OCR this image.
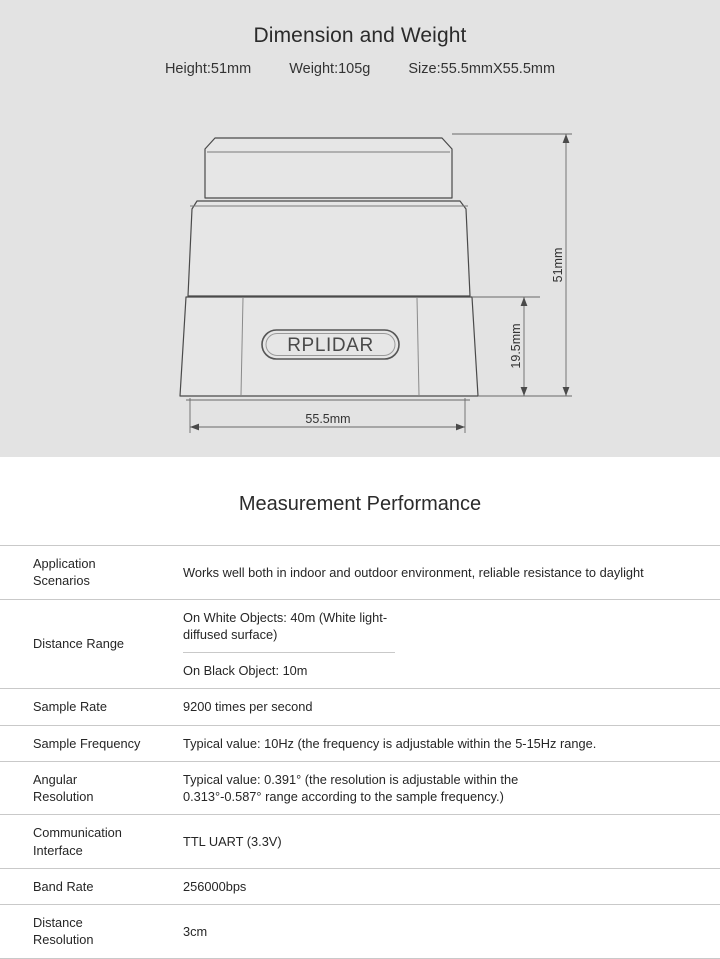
Dimension and Weight
Height:51mm	Weight:105g	Size:55.5mmX55.5mm
RPLIDAR
51mm
19.5mm
55.5mm
Measurement Performance
Application
Scenarios	Works well both in indoor and outdoor environment, reliable resistance to daylight

Distance Range	On White Objects: 40m (White light-diffused surface)
On Black Object: 10m

Sample Rate	9200 times per second

Sample Frequency	Typical value: 10Hz (the frequency is adjustable within the 5-15Hz range.

Angular
Resolution	Typical value: 0.391° (the resolution is adjustable within the
0.313°-0.587° range according to the sample frequency.)

Communication
Interface	TTL UART (3.3V)

Band Rate	256000bps

Distance
Resolution	3cm
